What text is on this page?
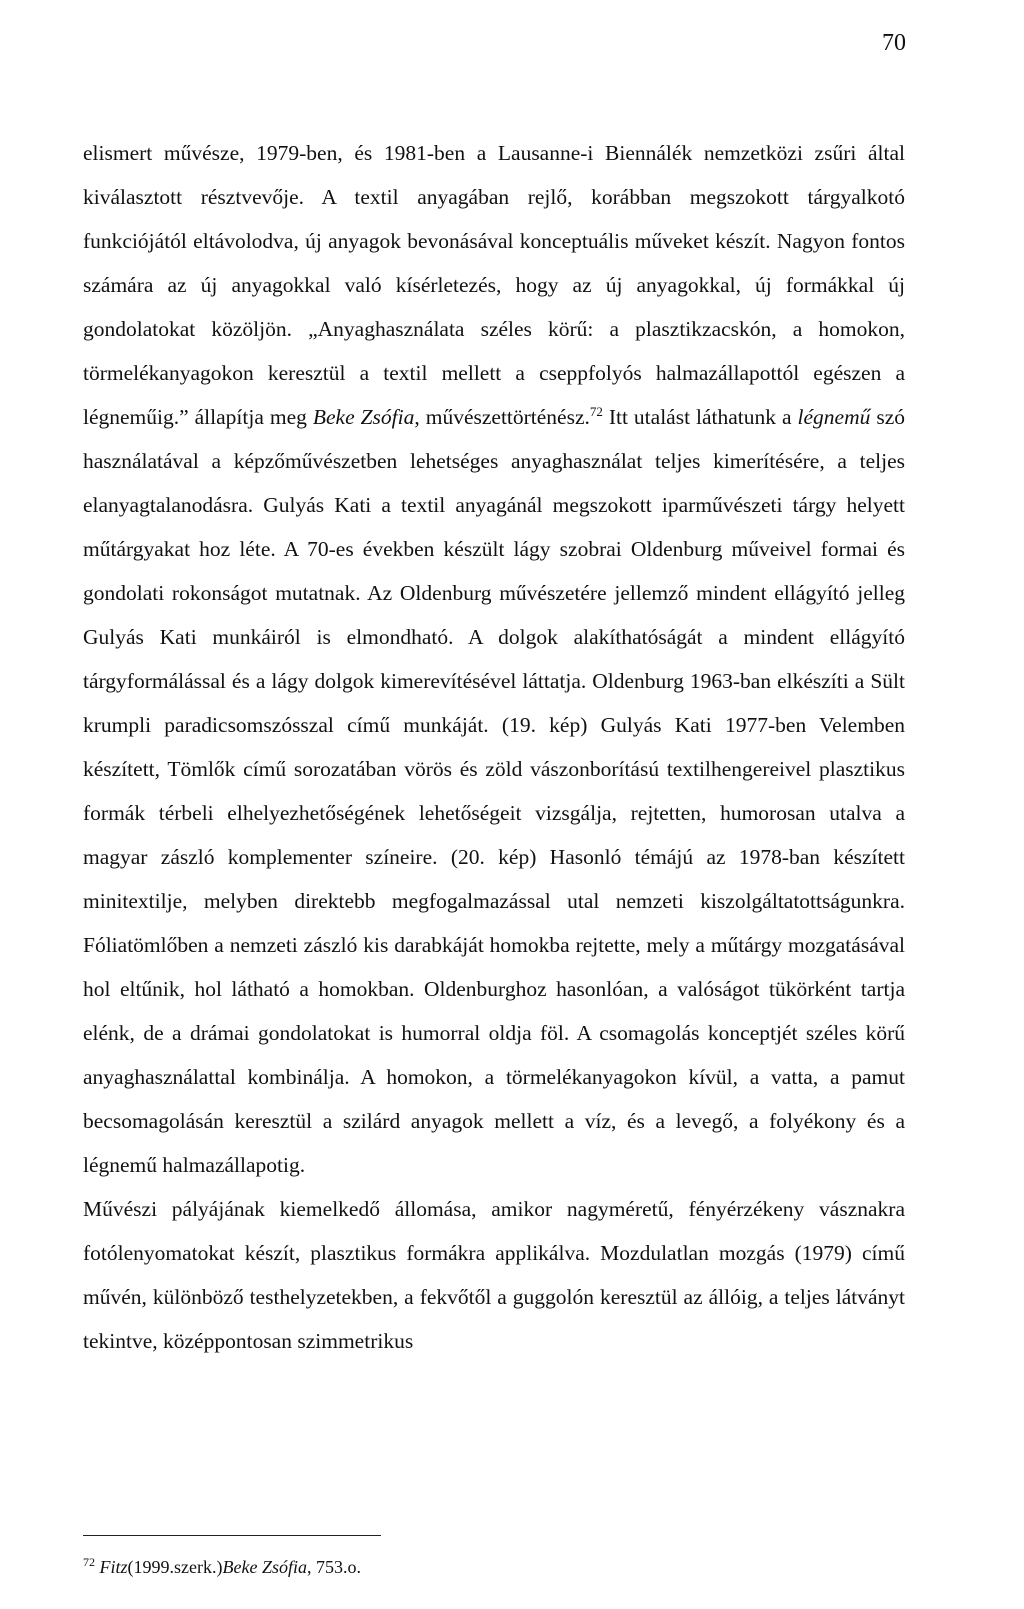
70

elismert művésze, 1979-ben, és 1981-ben a Lausanne-i Biennálék nemzetközi zsűri által kiválasztott résztvevője. A textil anyagában rejlő, korábban megszokott tárgyalkotó funkciójától eltávolodva, új anyagok bevonásával konceptuális műveket készít. Nagyon fontos számára az új anyagokkal való kísérletezés, hogy az új anyagokkal, új formákkal új gondolatokat közöljön. „Anyaghasználata széles körű: a plasztikzacskón, a homokon, törmelékanyagokon keresztül a textil mellett a cseppfolyós halmazállapottól egészen a légneműig.” állapítja meg Beke Zsófia, művészettörténész.$^{72}$ Itt utalást láthatunk a légnemű szó használatával a képzőművészetben lehetséges anyaghasználat teljes kimerítésére, a teljes elanyagtalanodásra. Gulyás Kati a textil anyagánál megszokott iparművészeti tárgy helyett műtárgyakat hoz léte. A 70-es években készült lágy szobrai Oldenburg műveivel formai és gondolati rokonságot mutatnak. Az Oldenburg művészetére jellemző mindent ellágyító jelleg Gulyás Kati munkáiról is elmondható. A dolgok alakíthatóságát a mindent ellágyító tárgyformálással és a lágy dolgok kimerevítésével láttatja. Oldenburg 1963-ban elkészíti a Sült krumpli paradicsomszósszal című munkáját. (19. kép) Gulyás Kati 1977-ben Velemben készített, Tömlők című sorozatában vörös és zöld vászonborítású textilhengereivel plasztikus formák térbeli elhelyezhetőségének lehetőségeit vizsgálja, rejtetten, humorosan utalva a magyar zászló komplementer színeire. (20. kép) Hasonló témájú az 1978-ban készített minitextilje, melyben direktebb megfogalmazással utal nemzeti kiszolgáltatottságunkra. Fóliatömlőben a nemzeti zászló kis darabkáját homokba rejtette, mely a műtárgy mozgatásával hol eltűnik, hol látható a homokban. Oldenburghoz hasonlóan, a valóságot tükörként tartja elénk, de a drámai gondolatokat is humorral oldja föl. A csomagolás konceptjét széles körű anyaghasználattal kombinálja. A homokon, a törmelékanyagokon kívül, a vatta, a pamut becsomagolásán keresztül a szilárd anyagok mellett a víz, és a levegő, a folyékony és a légnemű halmazállapotig.

Művészi pályájának kiemelkedő állomása, amikor nagyméretű, fényérzékeny vásznakra fotólenyomatokat készít, plasztikus formákra applikálva. Mozdulatlan mozgás (1979) című művén, különböző testhelyzetekben, a fekvőtől a guggolón keresztül az állóig, a teljes látványt tekintve, középpontosan szimmetrikus

$^{72}$ Fitz(1999.szerk.)Beke Zsófia, 753.o.
